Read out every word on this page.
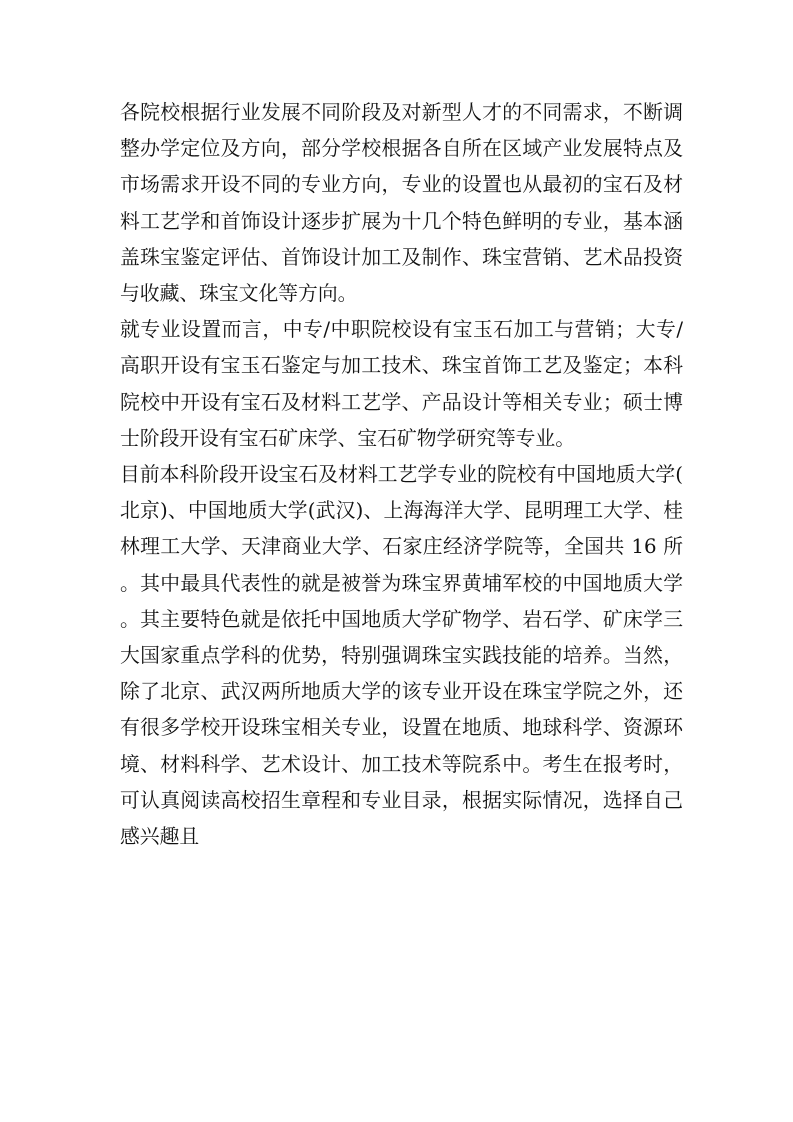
各院校根据行业发展不同阶段及对新型人才的不同需求，不断调整办学定位及方向，部分学校根据各自所在区域产业发展特点及市场需求开设不同的专业方向，专业的设置也从最初的宝石及材料工艺学和首饰设计逐步扩展为十几个特色鲜明的专业，基本涵盖珠宝鉴定评估、首饰设计加工及制作、珠宝营销、艺术品投资与收藏、珠宝文化等方向。

就专业设置而言，中专/中职院校设有宝玉石加工与营销；大专/高职开设有宝玉石鉴定与加工技术、珠宝首饰工艺及鉴定；本科院校中开设有宝石及材料工艺学、产品设计等相关专业；硕士博士阶段开设有宝石矿床学、宝石矿物学研究等专业。

目前本科阶段开设宝石及材料工艺学专业的院校有中国地质大学(北京)、中国地质大学(武汉)、上海海洋大学、昆明理工大学、桂林理工大学、天津商业大学、石家庄经济学院等，全国共 16 所。其中最具代表性的就是被誉为珠宝界黄埔军校的中国地质大学。其主要特色就是依托中国地质大学矿物学、岩石学、矿床学三大国家重点学科的优势，特别强调珠宝实践技能的培养。当然，除了北京、武汉两所地质大学的该专业开设在珠宝学院之外，还有很多学校开设珠宝相关专业，设置在地质、地球科学、资源环境、材料科学、艺术设计、加工技术等院系中。考生在报考时，可认真阅读高校招生章程和专业目录，根据实际情况，选择自己感兴趣且
